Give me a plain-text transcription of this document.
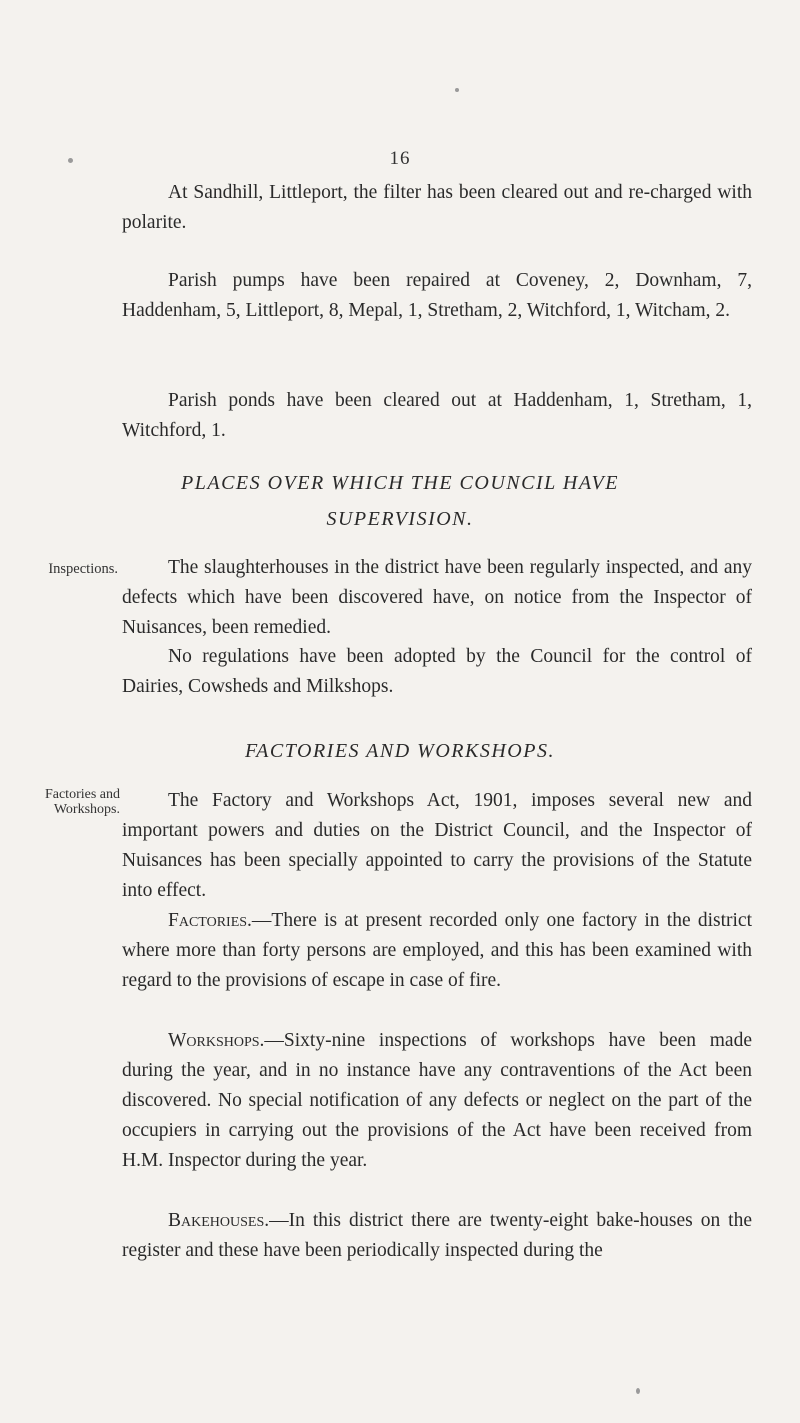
16

At Sandhill, Littleport, the filter has been cleared out and re-charged with polarite.

Parish pumps have been repaired at Coveney, 2, Downham, 7, Haddenham, 5, Littleport, 8, Mepal, 1, Stretham, 2, Witchford, 1, Witcham, 2.

Parish ponds have been cleared out at Haddenham, 1, Stretham, 1, Witchford, 1.

PLACES OVER WHICH THE COUNCIL HAVE
SUPERVISION.
Inspections.	The slaughterhouses in the district have been regularly inspected, and any defects which have been discovered have, on notice from the Inspector of Nuisances, been remedied.

No regulations have been adopted by the Council for the control of Dairies, Cowsheds and Milkshops.

FACTORIES AND WORKSHOPS.
Factories and
Workshops.	The Factory and Workshops Act, 1901, imposes several new and important powers and duties on the District Council, and the Inspector of Nuisances has been specially appointed to carry the provisions of the Statute into effect.

Factories.—There is at present recorded only one factory in the district where more than forty persons are employed, and this has been examined with regard to the provisions of escape in case of fire.

Workshops.—Sixty-nine inspections of workshops have been made during the year, and in no instance have any contraventions of the Act been discovered. No special notification of any defects or neglect on the part of the occupiers in carrying out the provisions of the Act have been received from H.M. Inspector during the year.

Bakehouses.—In this district there are twenty-eight bake-houses on the register and these have been periodically inspected during the
